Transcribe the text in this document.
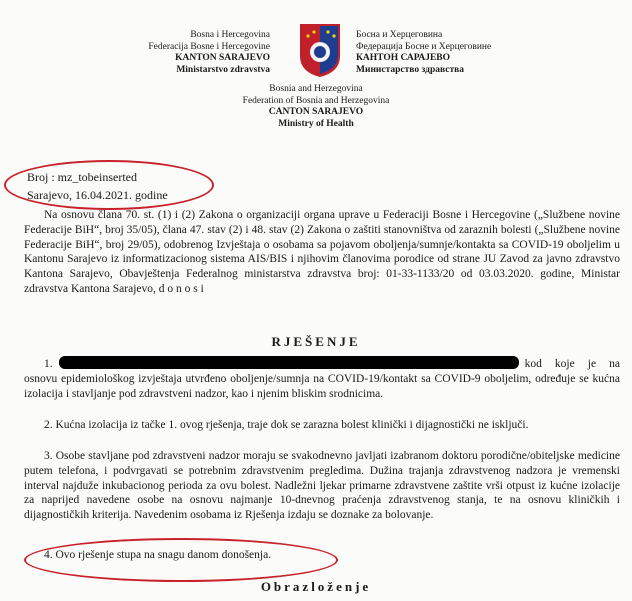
Bosna i Hercegovina
Federacija Bosne i Hercegovine
KANTON SARAJEVO
Ministarstvo zdravstva
Босна и Херцеговина
Федерација Босне и Херцеговине
КАНТОН САРАЈЕВО
Министарство здравства
Bosnia and Herzegovina
Federation of Bosnia and Herzegovina
CANTON SARAJEVO
Ministry of Health
Broj : mz_tobeinserted
Sarajevo, 16.04.2021. godine
Na osnovu člana 70. st. (1) i (2) Zakona o organizaciji organa uprave u Federaciji Bosne i Hercegovine („Službene novine Federacije BiH“, broj 35/05), člana 47. stav (2) i 48. stav (2) Zakona o zaštiti stanovništva od zaraznih bolesti („Službene novine Federacije BiH“, broj 29/05), odobrenog Izvještaja o osobama sa pojavom oboljenja/sumnje/kontakta sa COVID-19 oboljelim u Kantonu Sarajevo iz informatizacionog sistema AIS/BIS i njihovim članovima porodice od strane JU Zavod za javno zdravstvo Kantona Sarajevo, Obavještenja Federalnog ministarstva zdravstva broj: 01-33-1133/20 od 03.03.2020. godine, Ministar zdravstva Kantona Sarajevo, d o n o s i
RJEŠENJE
1.	kod koje je na osnovu epidemiološkog izvještaja utvrđeno oboljenje/sumnja na COVID-19/kontakt sa COVID-9 oboljelim, određuje se kućna izolacija i stavljanje pod zdravstveni nadzor, kao i njenim bliskim srodnicima.
2. Kućna izolacija iz tačke 1. ovog rješenja, traje dok se zarazna bolest klinički i dijagnostički ne isključi.
3. Osobe stavljane pod zdravstveni nadzor moraju se svakodnevno javljati izabranom doktoru porodične/obiteljske medicine putem telefona, i podvrgavati se potrebnim zdravstvenim pregledima. Dužina trajanja zdravstvenog nadzora je vremenski interval najduže inkubacionog perioda za ovu bolest. Nadležni ljekar primarne zdravstvene zaštite vrši otpust iz kućne izolacije za naprijed navedene osobe na osnovu najmanje 10-dnevnog praćenja zdravstvenog stanja, te na osnovu kliničkih i dijagnostičkih kriterija. Navedenim osobama iz Rješenja izdaju se doznake za bolovanje.
4. Ovo rješenje stupa na snagu danom donošenja.
Obrazloženje
